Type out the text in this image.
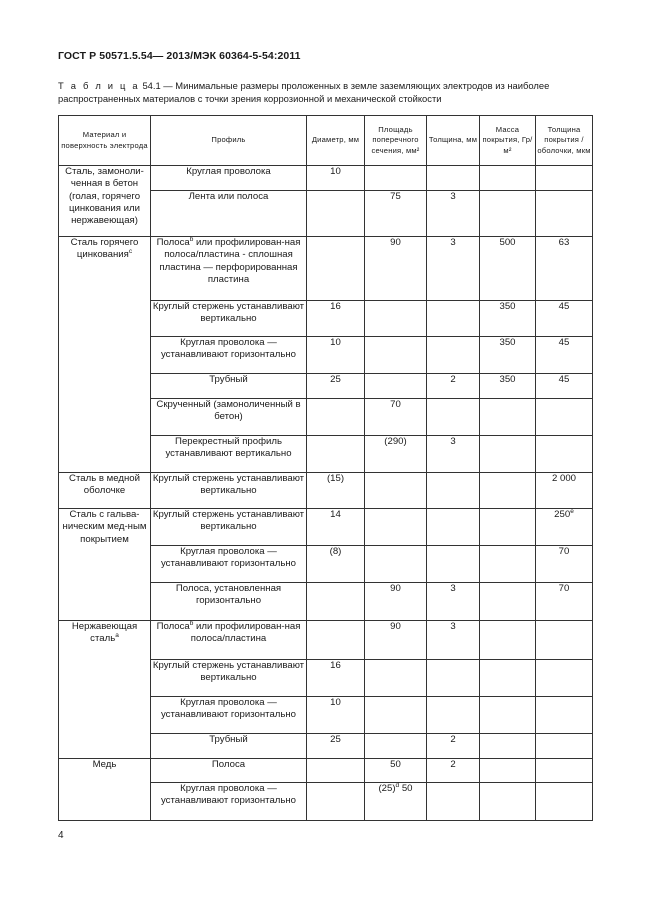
ГОСТ Р 50571.5.54— 2013/МЭК 60364-5-54:2011
Т а б л и ц а 54.1 — Минимальные размеры проложенных в земле заземляющих электродов из наиболее распространенных материалов с точки зрения коррозионной и механической стойкости
Материал и поверхность электрода	Профиль	Диаметр, мм	Площадь поперечного сечения, мм²	Толщина, мм	Масса покрытия, Гр/м²	Толщина покрытия / оболочки, мкм
Сталь, замоноли-ченная в бетон (голая, горячего цинкования или нержавеющая)	Круглая проволока	10				
	Лента или полоса		75	3		
Сталь горячего цинкования$^c$	Полоса$^b$ или профилирован-ная полоса/пластина - сплошная пластина — перфорированная пластина		90	3	500	63
	Круглый стержень устанавливают вертикально	16			350	45
	Круглая проволока — устанавливают горизонтально	10			350	45
	Трубный	25		2	350	45
	Скрученный (замоноличенный в бетон)		70			
	Перекрестный профиль устанавливают вертикально		(290)	3		
Сталь в медной оболочке	Круглый стержень устанавливают вертикально	(15)				2 000
Сталь с гальва-ническим мед-ным покрытием	Круглый стержень устанавливают вертикально	14				250e
	Круглая проволока — устанавливают горизонтально	(8)				70
	Полоса, установленная горизонтально		90	3		70
Нержавеющая сталь$^a$	Полоса$^b$ или профилирован-ная полоса/пластина		90	3		
	Круглый стержень устанавливают вертикально	16				
	Круглая проволока — устанавливают горизонтально	10				
	Трубный	25		2		
Медь	Полоса		50	2		
	Круглая проволока — устанавливают горизонтально		$(25)^d$ 50			
4
